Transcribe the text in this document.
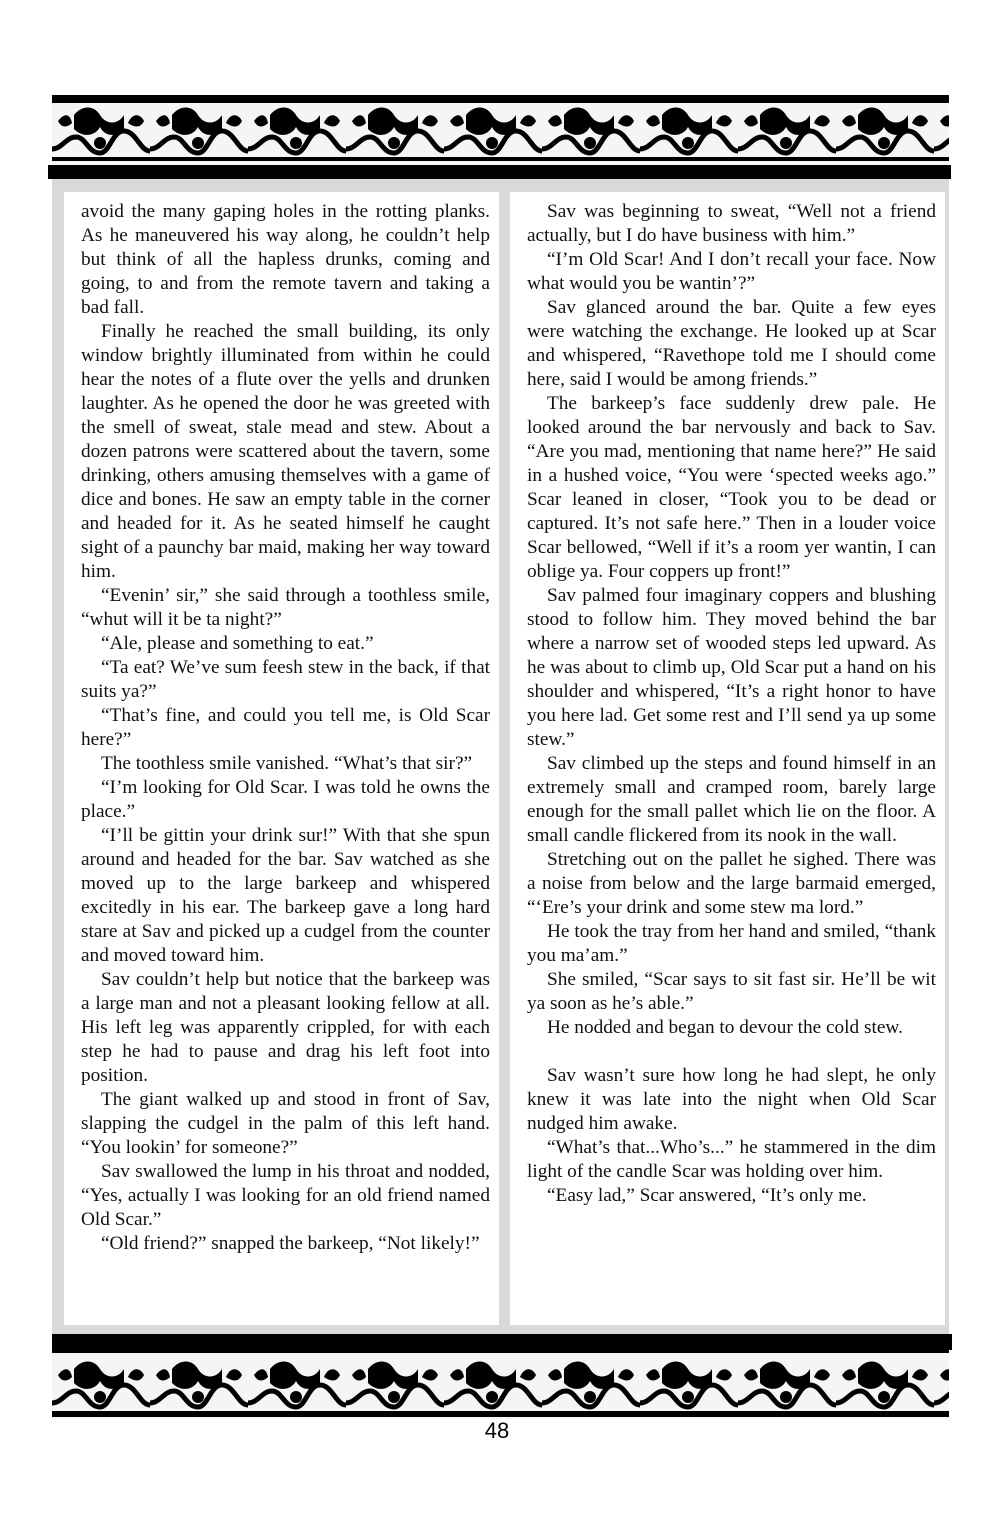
avoid the many gaping holes in the rotting planks. As he maneuvered his way along, he couldn’t help but think of all the hapless drunks, coming and going, to and from the remote tavern and taking a bad fall.

Finally he reached the small building, its only window brightly illuminated from within he could hear the notes of a flute over the yells and drunken laughter. As he opened the door he was greeted with the smell of sweat, stale mead and stew. About a dozen patrons were scattered about the tavern, some drinking, others amusing themselves with a game of dice and bones. He saw an empty table in the corner and headed for it. As he seated himself he caught sight of a paunchy bar maid, making her way toward him.

“Evenin’ sir,” she said through a toothless smile, “whut will it be ta night?”

“Ale, please and something to eat.”

“Ta eat? We’ve sum feesh stew in the back, if that suits ya?”

“That’s fine, and could you tell me, is Old Scar here?”

The toothless smile vanished. “What’s that sir?”

“I’m looking for Old Scar. I was told he owns the place.”

“I’ll be gittin your drink sur!” With that she spun around and headed for the bar. Sav watched as she moved up to the large barkeep and whispered excitedly in his ear. The barkeep gave a long hard stare at Sav and picked up a cudgel from the counter and moved toward him.

Sav couldn’t help but notice that the barkeep was a large man and not a pleasant looking fellow at all. His left leg was apparently crippled, for with each step he had to pause and drag his left foot into position.

The giant walked up and stood in front of Sav, slapping the cudgel in the palm of this left hand. “You lookin’ for someone?”

Sav swallowed the lump in his throat and nodded, “Yes, actually I was looking for an old friend named Old Scar.”

“Old friend?” snapped the barkeep, “Not likely!”

Sav was beginning to sweat, “Well not a friend actually, but I do have business with him.”

“I’m Old Scar! And I don’t recall your face. Now what would you be wantin’?”

Sav glanced around the bar. Quite a few eyes were watching the exchange. He looked up at Scar and whispered, “Ravethope told me I should come here, said I would be among friends.”

The barkeep’s face suddenly drew pale. He looked around the bar nervously and back to Sav. “Are you mad, mentioning that name here?” He said in a hushed voice, “You were ‘spected weeks ago.” Scar leaned in closer, “Took you to be dead or captured. It’s not safe here.” Then in a louder voice Scar bellowed, “Well if it’s a room yer wantin, I can oblige ya. Four coppers up front!”

Sav palmed four imaginary coppers and blushing stood to follow him. They moved behind the bar where a narrow set of wooded steps led upward. As he was about to climb up, Old Scar put a hand on his shoulder and whispered, “It’s a right honor to have you here lad. Get some rest and I’ll send ya up some stew.”

Sav climbed up the steps and found himself in an extremely small and cramped room, barely large enough for the small pallet which lie on the floor. A small candle flickered from its nook in the wall.

Stretching out on the pallet he sighed. There was a noise from below and the large barmaid emerged, “‘Ere’s your drink and some stew ma lord.”

He took the tray from her hand and smiled, “thank you ma’am.”

She smiled, “Scar says to sit fast sir. He’ll be wit ya soon as he’s able.”

He nodded and began to devour the cold stew.

Sav wasn’t sure how long he had slept, he only knew it was late into the night when Old Scar nudged him awake.

“What’s that...Who’s...” he stammered in the dim light of the candle Scar was holding over him.

“Easy lad,” Scar answered, “It’s only me.

48
